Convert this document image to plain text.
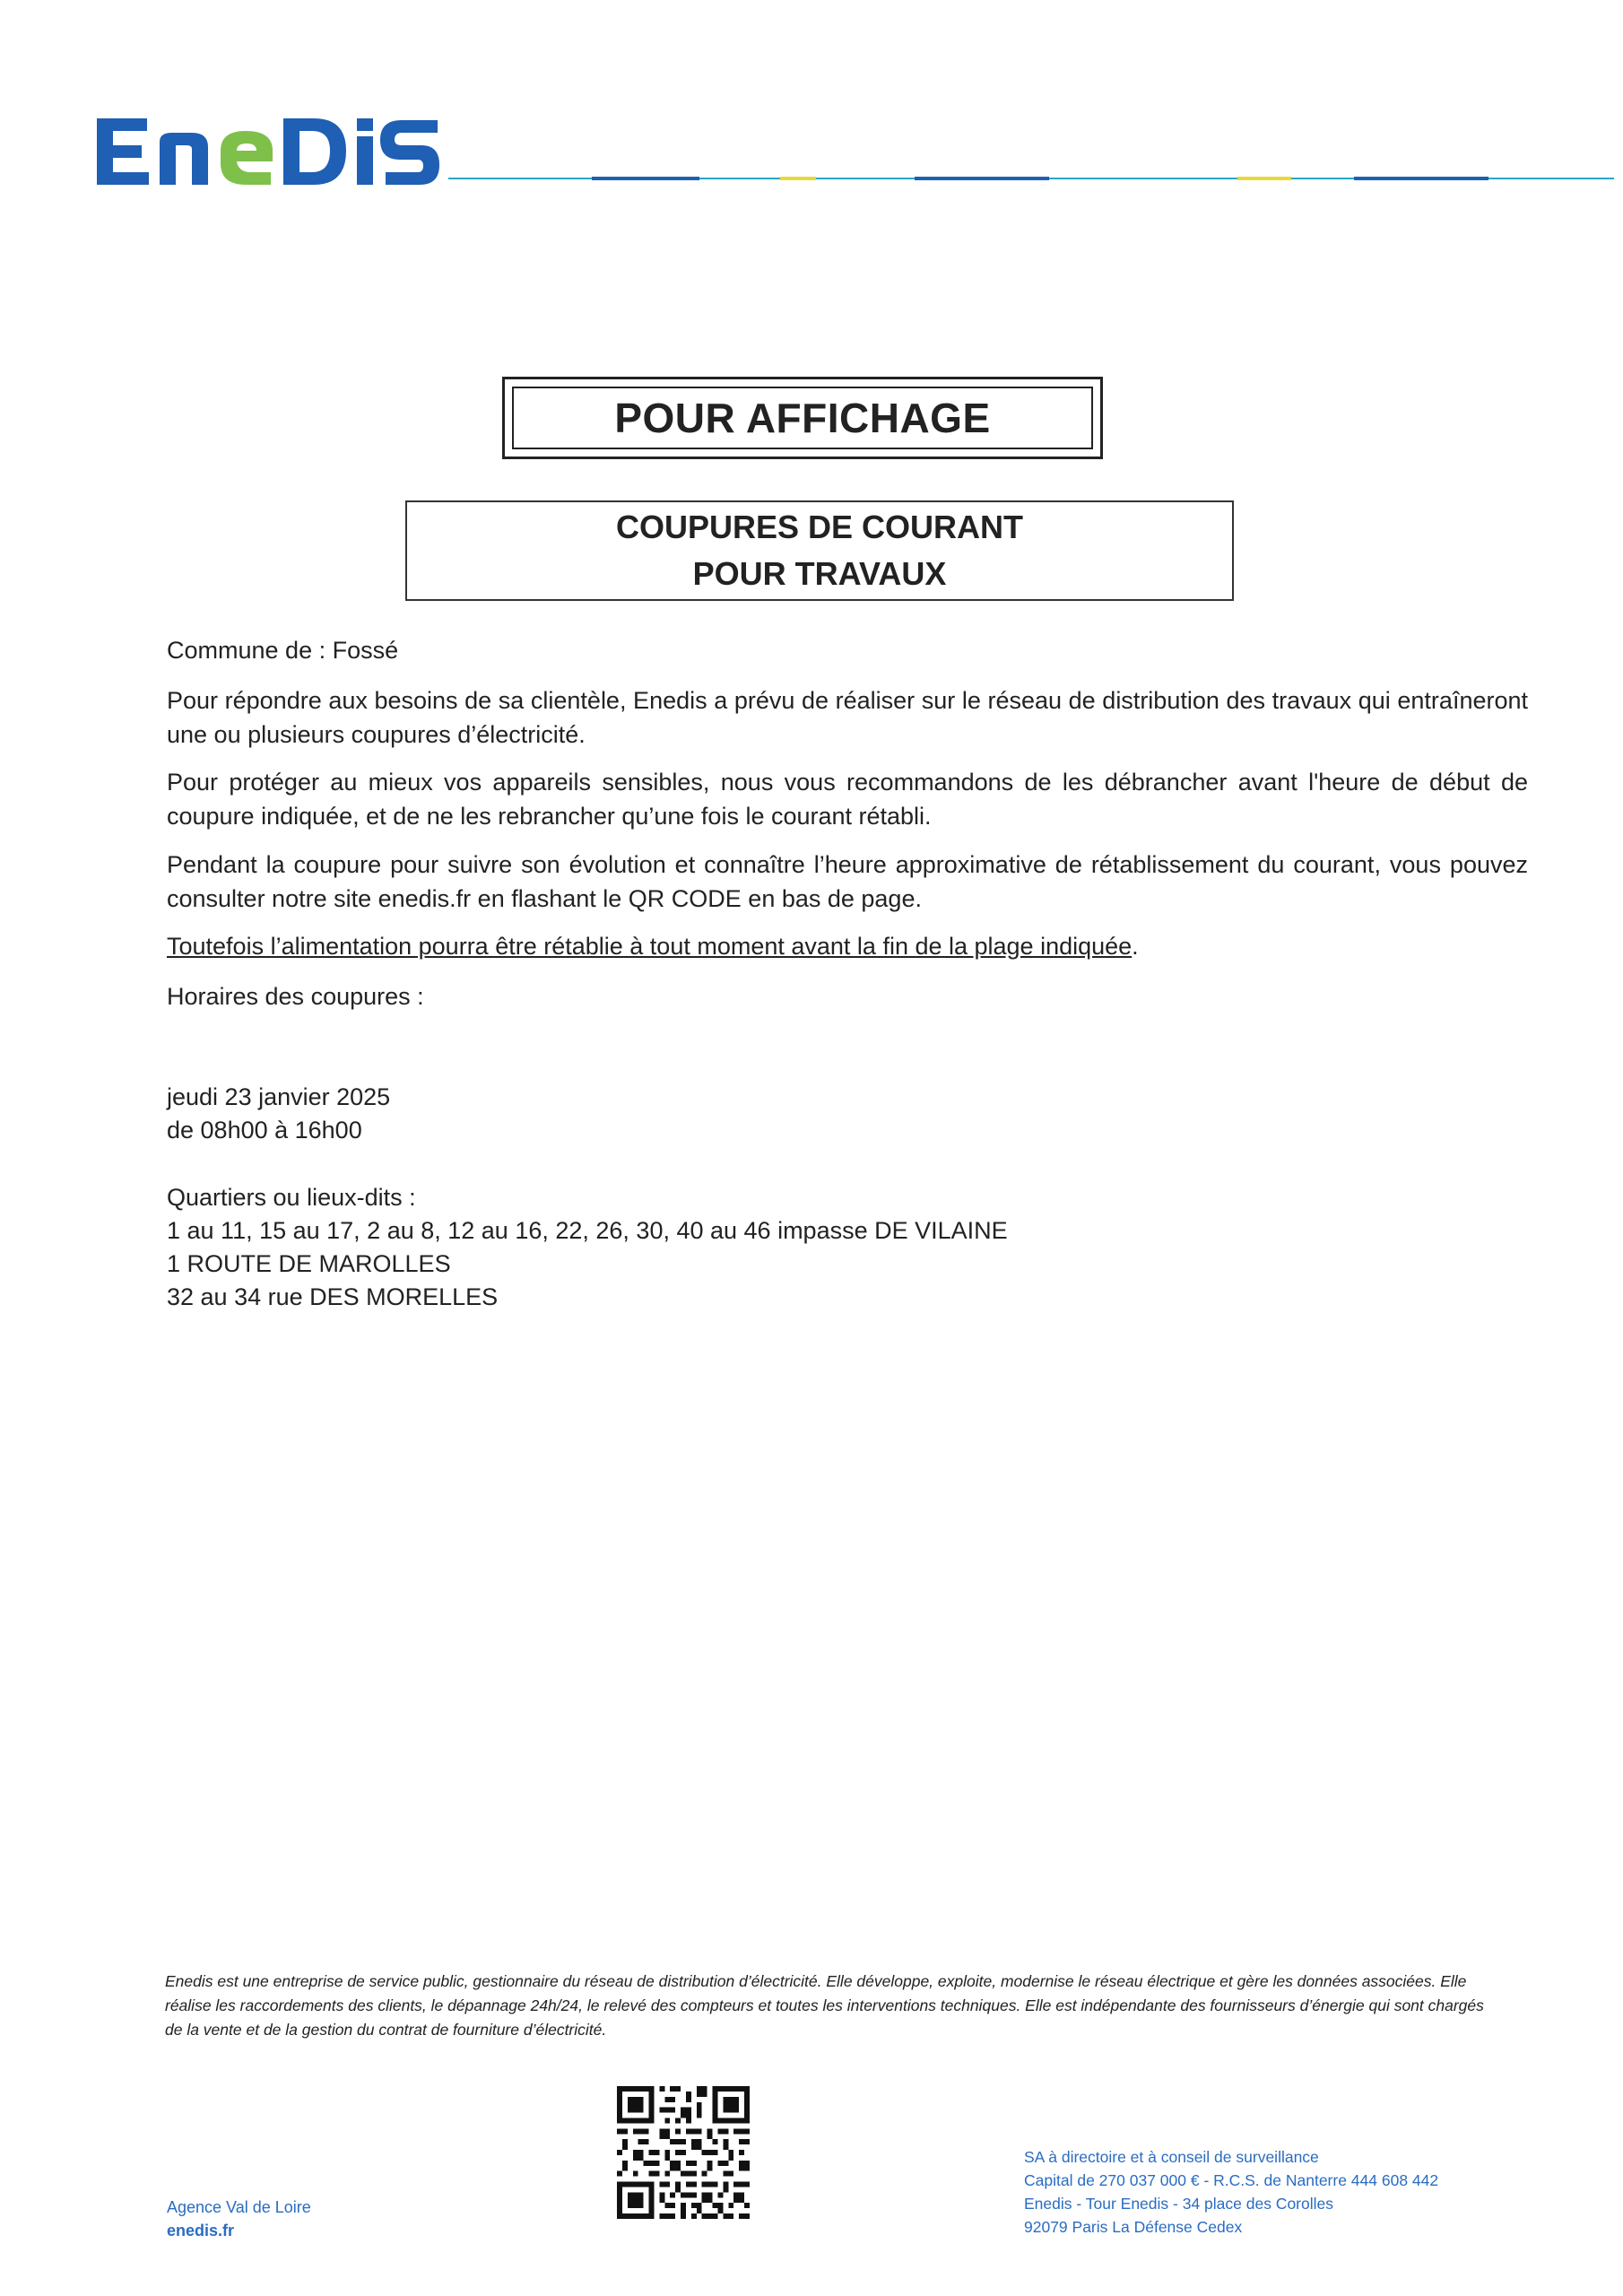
POUR AFFICHAGE
COUPURES DE COURANT
POUR TRAVAUX
Commune de : Fossé
Pour répondre aux besoins de sa clientèle, Enedis a prévu de réaliser sur le réseau de distribution des travaux qui entraîneront une ou plusieurs coupures d’électricité.
Pour protéger au mieux vos appareils sensibles, nous vous recommandons de les débrancher avant l'heure de début de coupure indiquée, et de ne les rebrancher qu’une fois le courant rétabli.
Pendant la coupure pour suivre son évolution et connaître l’heure approximative de rétablissement du courant, vous pouvez consulter notre site enedis.fr en flashant le QR CODE en bas de page.
Toutefois l’alimentation pourra être rétablie à tout moment avant la fin de la plage indiquée.
Horaires des coupures :
jeudi 23 janvier 2025
de 08h00 à 16h00
Quartiers ou lieux-dits :
1 au 11, 15 au 17, 2 au 8, 12 au 16, 22, 26, 30, 40 au 46 impasse DE VILAINE
1 ROUTE DE MAROLLES
32 au 34 rue DES MORELLES
Enedis est une entreprise de service public, gestionnaire du réseau de distribution d’électricité. Elle développe, exploite, modernise le réseau électrique et gère les données associées. Elle réalise les raccordements des clients, le dépannage 24h/24, le relevé des compteurs et toutes les interventions techniques. Elle est indépendante des fournisseurs d’énergie qui sont chargés de la vente et de la gestion du contrat de fourniture d’électricité.
Agence Val de Loire
enedis.fr
SA à directoire et à conseil de surveillance
Capital de 270 037 000 € - R.C.S. de Nanterre 444 608 442
Enedis - Tour Enedis - 34 place des Corolles
92079 Paris La Défense Cedex
